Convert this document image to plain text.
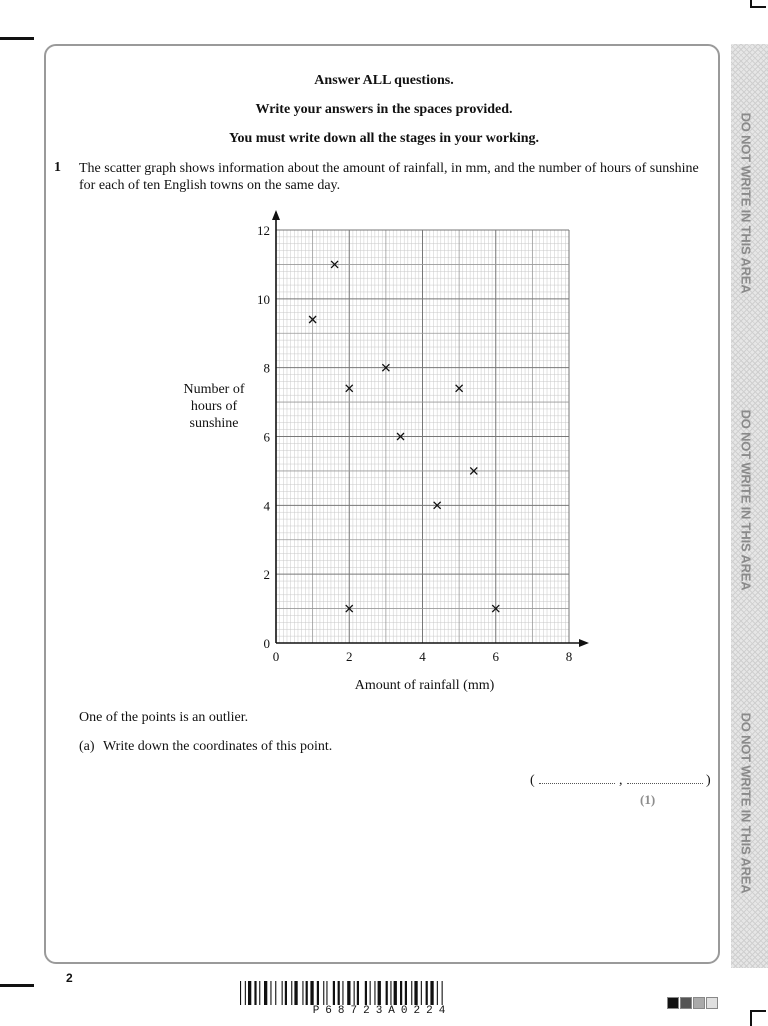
DO NOT WRITE IN THIS AREA
DO NOT WRITE IN THIS AREA
DO NOT WRITE IN THIS AREA
Answer ALL questions.
Write your answers in the spaces provided.
You must write down all the stages in your working.
1 The scatter graph shows information about the amount of rainfall, in mm, and the number of hours of sunshine for each of ten English towns on the same day.
0	2	4	6	8
0
2
4
6
8
10
12
Amount of rainfall (mm)
Number of
hours of
sunshine
One of the points is an outlier.
(a) Write down the coordinates of this point.
(	,	)
(1)
2
P68723A0224
